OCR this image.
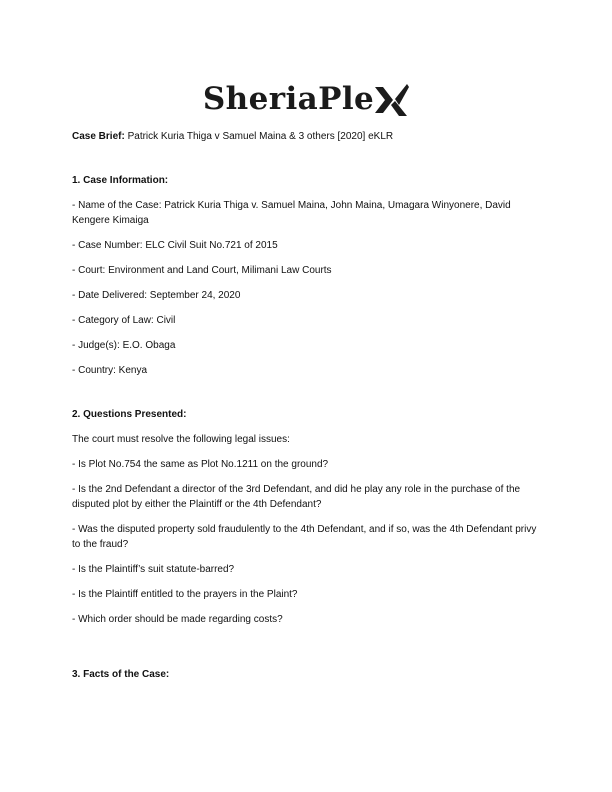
SheriaPle

Case Brief: Patrick Kuria Thiga v Samuel Maina & 3 others [2020] eKLR

1. Case Information:

- Name of the Case: Patrick Kuria Thiga v. Samuel Maina, John Maina, Umagara Winyonere, David Kengere Kimaiga

- Case Number: ELC Civil Suit No.721 of 2015

- Court: Environment and Land Court, Milimani Law Courts

- Date Delivered: September 24, 2020

- Category of Law: Civil

- Judge(s): E.O. Obaga

- Country: Kenya

2. Questions Presented:

The court must resolve the following legal issues:

- Is Plot No.754 the same as Plot No.1211 on the ground?

- Is the 2nd Defendant a director of the 3rd Defendant, and did he play any role in the purchase of the disputed plot by either the Plaintiff or the 4th Defendant?

- Was the disputed property sold fraudulently to the 4th Defendant, and if so, was the 4th Defendant privy to the fraud?

- Is the Plaintiff’s suit statute-barred?

- Is the Plaintiff entitled to the prayers in the Plaint?

- Which order should be made regarding costs?

3. Facts of the Case:
